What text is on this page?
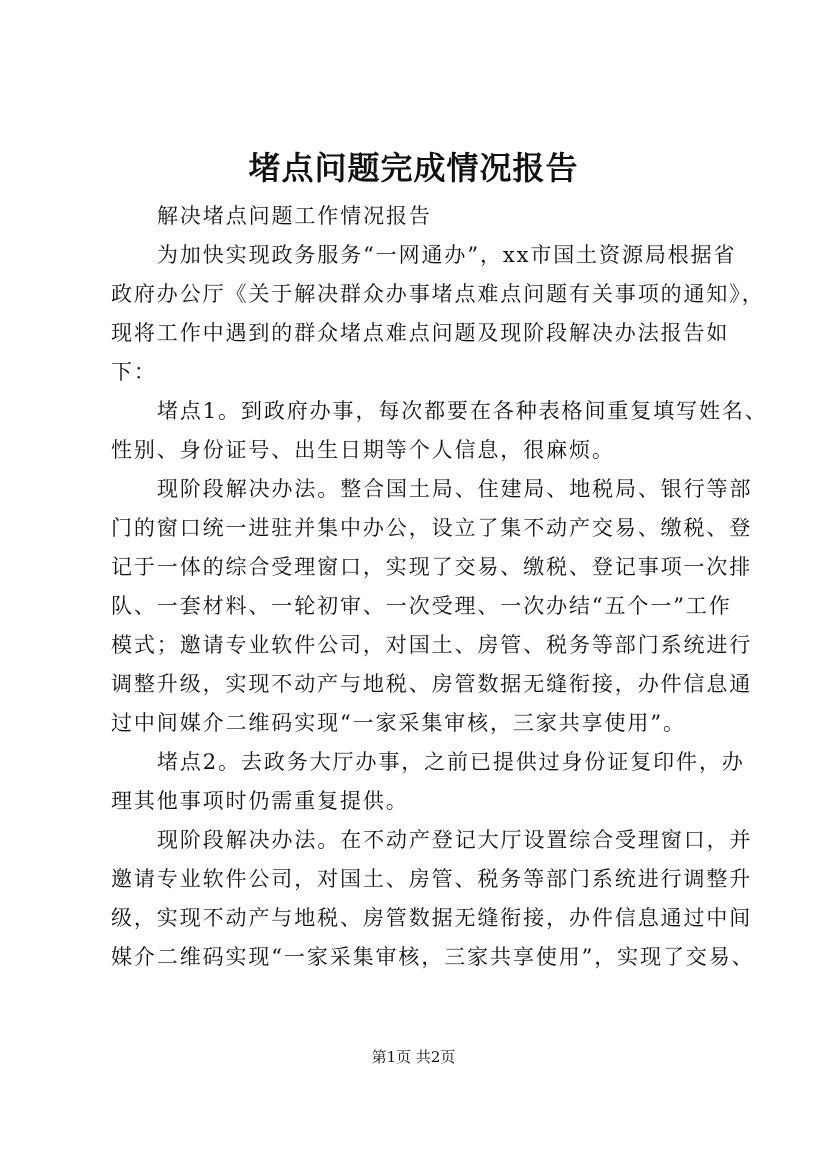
堵点问题完成情况报告
解决堵点问题工作情况报告
为加快实现政务服务“一网通办”，xx市国土资源局根据省
政府办公厅《关于解决群众办事堵点难点问题有关事项的通知》，
现将工作中遇到的群众堵点难点问题及现阶段解决办法报告如
下：
堵点1。到政府办事，每次都要在各种表格间重复填写姓名、
性别、身份证号、出生日期等个人信息，很麻烦。
现阶段解决办法。整合国土局、住建局、地税局、银行等部
门的窗口统一进驻并集中办公，设立了集不动产交易、缴税、登
记于一体的综合受理窗口，实现了交易、缴税、登记事项一次排
队、一套材料、一轮初审、一次受理、一次办结“五个一”工作
模式；邀请专业软件公司，对国土、房管、税务等部门系统进行
调整升级，实现不动产与地税、房管数据无缝衔接，办件信息通
过中间媒介二维码实现“一家采集审核，三家共享使用”。
堵点2。去政务大厅办事，之前已提供过身份证复印件，办
理其他事项时仍需重复提供。
现阶段解决办法。在不动产登记大厅设置综合受理窗口，并
邀请专业软件公司，对国土、房管、税务等部门系统进行调整升
级，实现不动产与地税、房管数据无缝衔接，办件信息通过中间
媒介二维码实现“一家采集审核，三家共享使用”，实现了交易、
第1页 共2页
